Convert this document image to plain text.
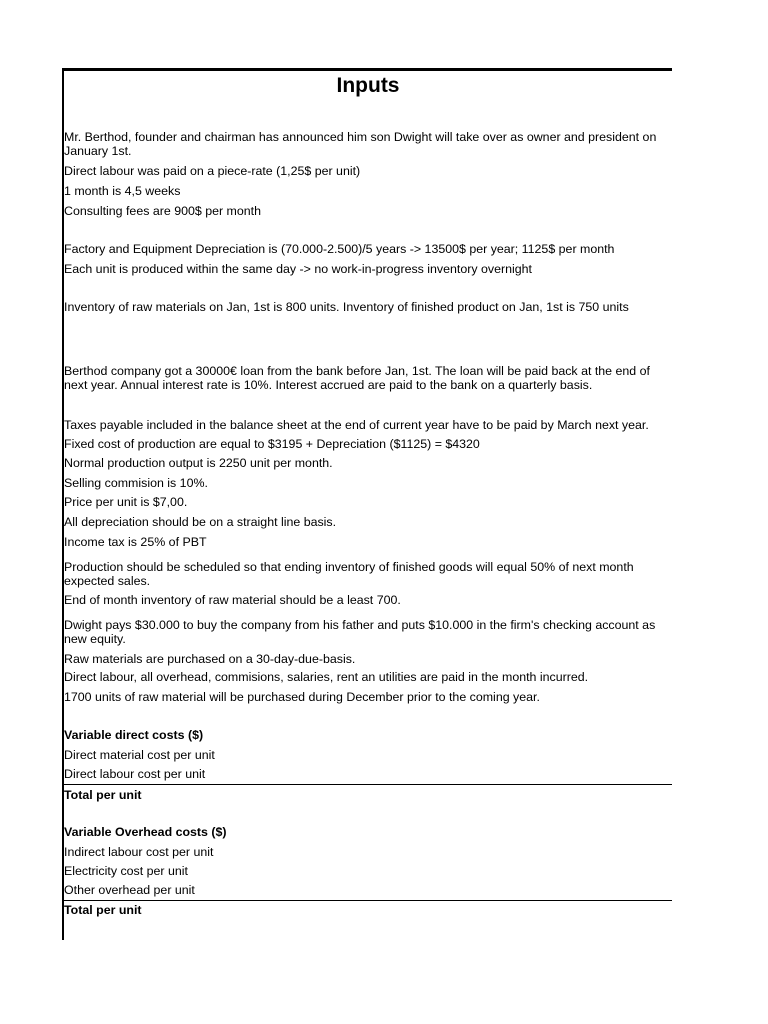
Inputs
Mr. Berthod, founder and chairman has announced him son Dwight will take over as owner and president on January 1st.
Direct labour was paid on a piece-rate (1,25$ per unit)
1 month is 4,5 weeks
Consulting fees are 900$ per month
Factory and Equipment Depreciation is (70.000-2.500)/5 years -> 13500$ per year; 1125$ per month
Each unit is produced within the same day -> no work-in-progress inventory overnight
Inventory of raw materials on Jan, 1st is 800 units. Inventory of finished product on Jan, 1st is 750 units
Berthod company got a 30000€ loan from the bank before Jan, 1st. The loan will be paid back at the end of next year. Annual interest rate is 10%. Interest accrued are paid to the bank on a quarterly basis.
Taxes payable included in the balance sheet at the end of current year have to be paid by March next year.
Fixed cost of production are equal to $3195 + Depreciation ($1125) = $4320
Normal production output is 2250 unit per month.
Selling commision is 10%.
Price per unit is $7,00.
All depreciation should be on a straight line basis.
Income tax is 25% of PBT
Production should be scheduled so that ending inventory of finished goods will equal 50% of next month expected sales.
End of month inventory of raw material should be a least 700.
Dwight pays $30.000 to buy the company from his father and puts $10.000 in the firm's checking account as new equity.
Raw materials are purchased on a 30-day-due-basis.
Direct labour, all overhead, commisions, salaries, rent an utilities are paid in the month incurred.
1700 units of raw material will be purchased during December prior to the coming year.
Variable direct costs ($)
Direct material cost per unit
Direct labour cost per unit
Total per unit
Variable Overhead costs ($)
Indirect labour cost per unit
Electricity cost per unit
Other overhead per unit
Total per unit
